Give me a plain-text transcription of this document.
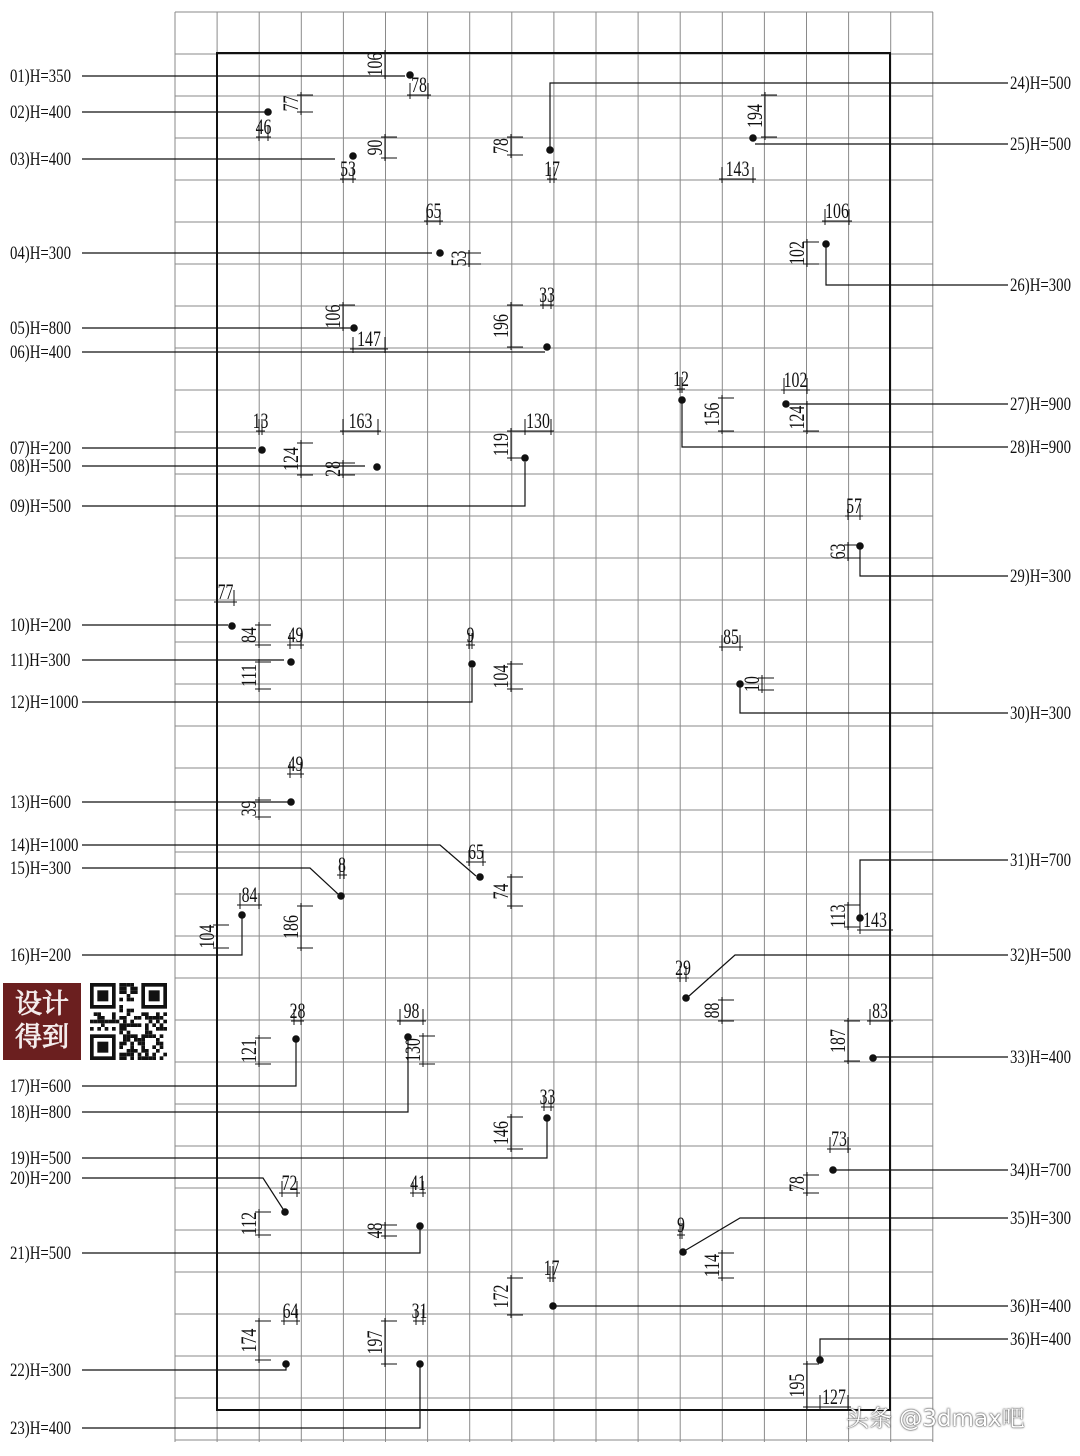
01)H=350	106
78
02)H=400
46
77
03)H=400	53
90
04)H=300
65
53
05)H=800	106
147
06)H=400
196
33
07)H=200
13
08)H=500	124 28
163
09)H=500
119
130
10)H=200
77
84
11)H=300
49
111
12)H=1000
9
104
13)H=600
49
39
14)H=1000	65
74
15)H=300	8
186
16)H=200
84
104
17)H=600
28
121
18)H=800
98
130
19)H=500
33
146
20)H=200	72
112
21)H=500
41
48
22)H=300
64
174
23)H=400
31
197
24)H=500
78
17
25)H=500
194
143
26)H=300
106
102
27)H=900
102
124
28)H=900
12
156
29)H=300
57
63
30)H=300
85
10
31)H=700
113 143
32)H=500
29
88
33)H=400
83
187
34)H=700
73
78
35)H=300
9
114
36)H=400
17
172
36)H=400
195
127
设计
得到
头条 @3dmax吧
